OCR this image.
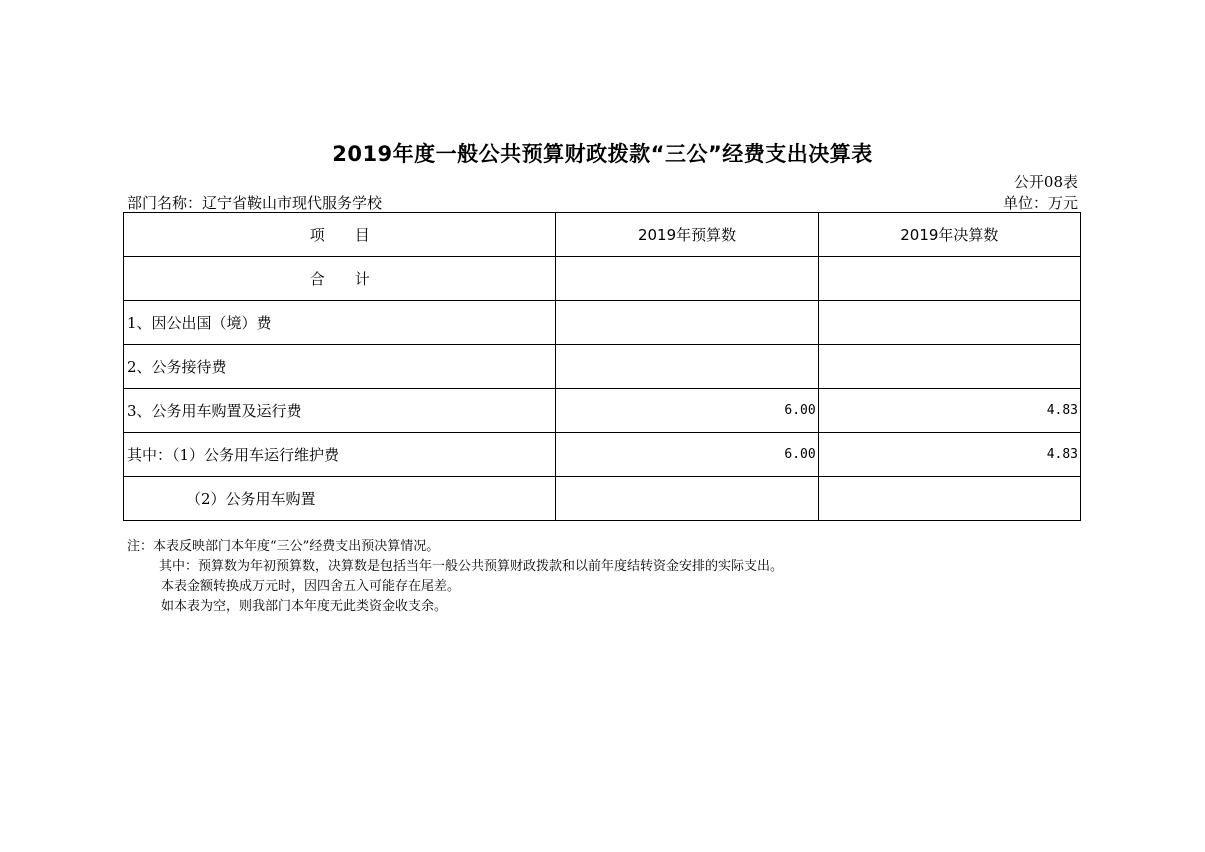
2019年度一般公共预算财政拨款“三公”经费支出决算表
公开08表
部门名称：辽宁省鞍山市现代服务学校	单位：万元
项　　目	2019年预算数	2019年决算数
合　　计		
1、因公出国（境）费		
2、公务接待费		
3、公务用车购置及运行费	6.00	4.83
其中：（1）公务用车运行维护费	6.00	4.83
（2）公务用车购置		
注：本表反映部门本年度“三公”经费支出预决算情况。
其中：预算数为年初预算数，决算数是包括当年一般公共预算财政拨款和以前年度结转资金安排的实际支出。
本表金额转换成万元时，因四舍五入可能存在尾差。
如本表为空，则我部门本年度无此类资金收支余。
